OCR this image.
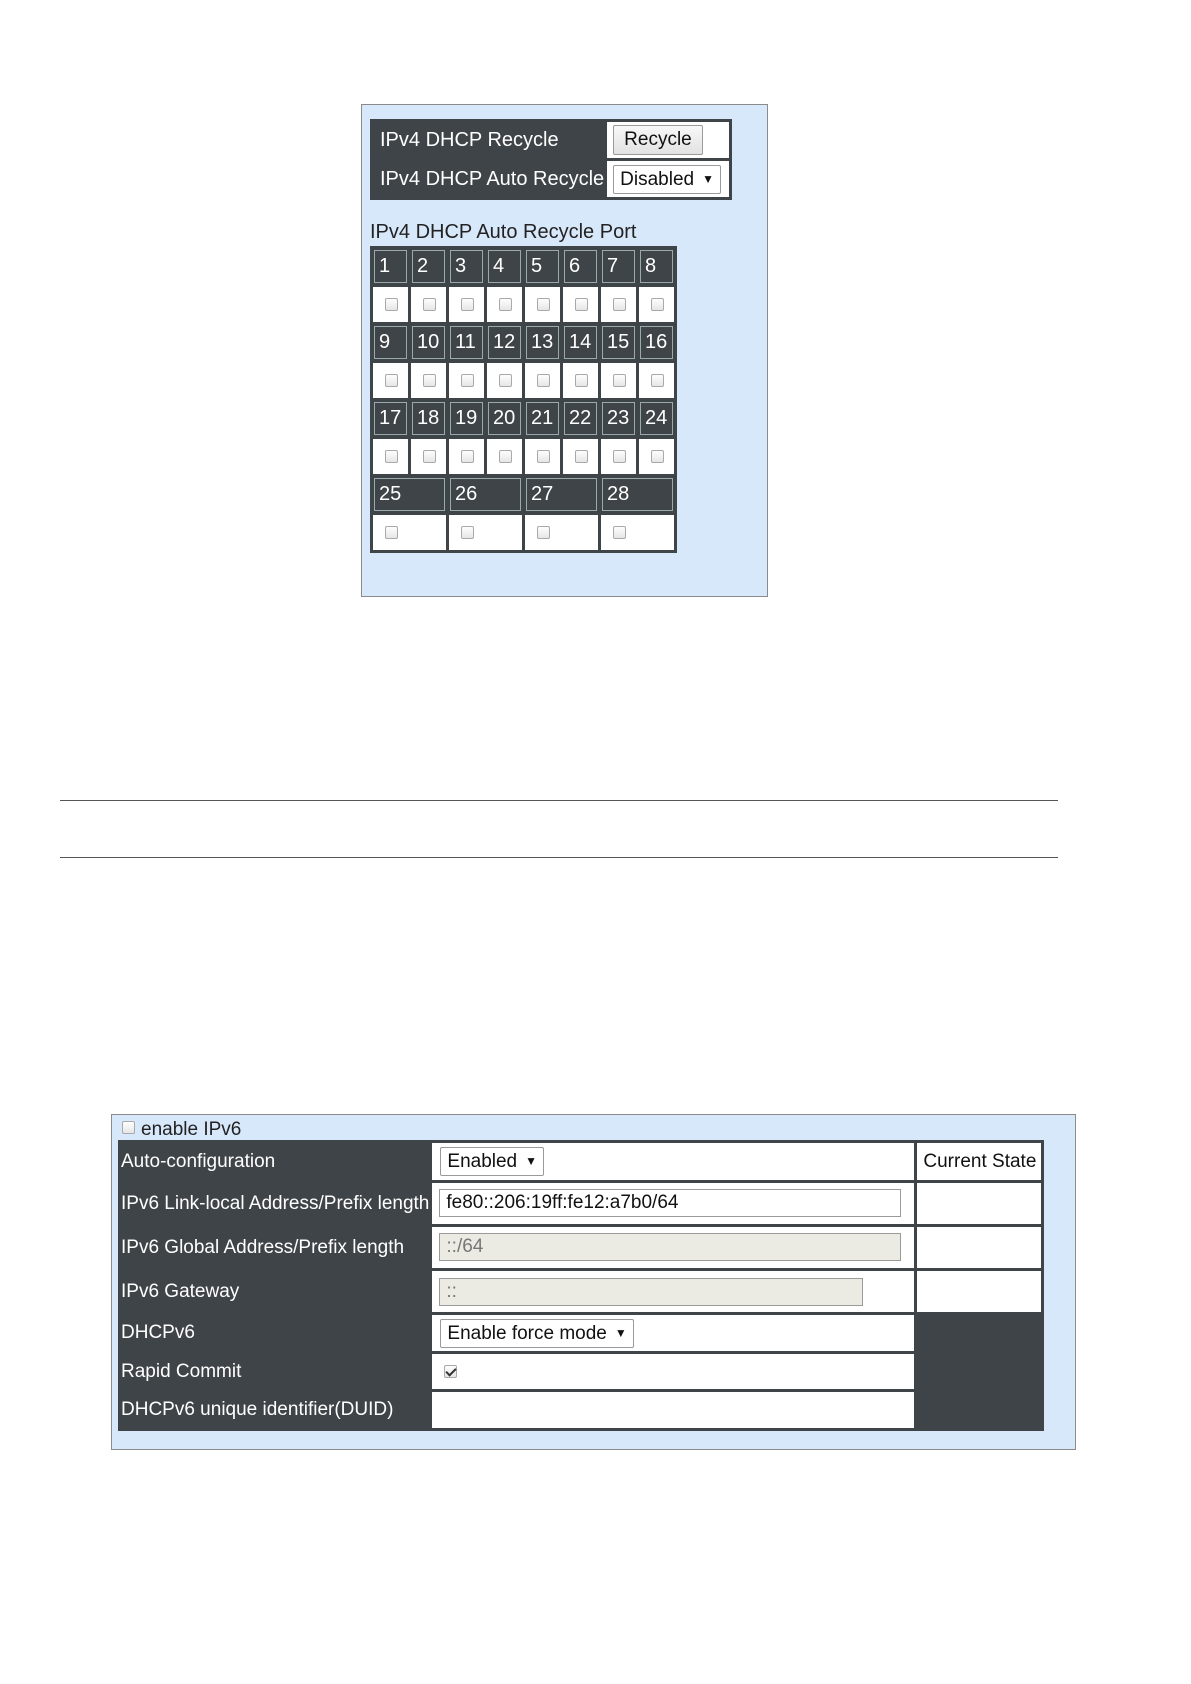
IPv4 DHCP Recycle	Recycle
IPv4 DHCP Auto Recycle	Disabled ▼
IPv4 DHCP Auto Recycle Port
1	2	3	4	5	6	7	8

9	10	11	12	13	14	15	16

17	18	19	20	21	22	23	24

25		26		27		28	

enable IPv6
Auto-configuration	Enabled ▼	Current State
IPv6 Link-local Address/Prefix length	fe80::206:19ff:fe12:a7b0/64	

IPv6 Global Address/Prefix length	::/64	

IPv6 Gateway	::	

DHCPv6	Enable force mode ▼	
Rapid Commit		
DHCPv6 unique identifier(DUID)		
